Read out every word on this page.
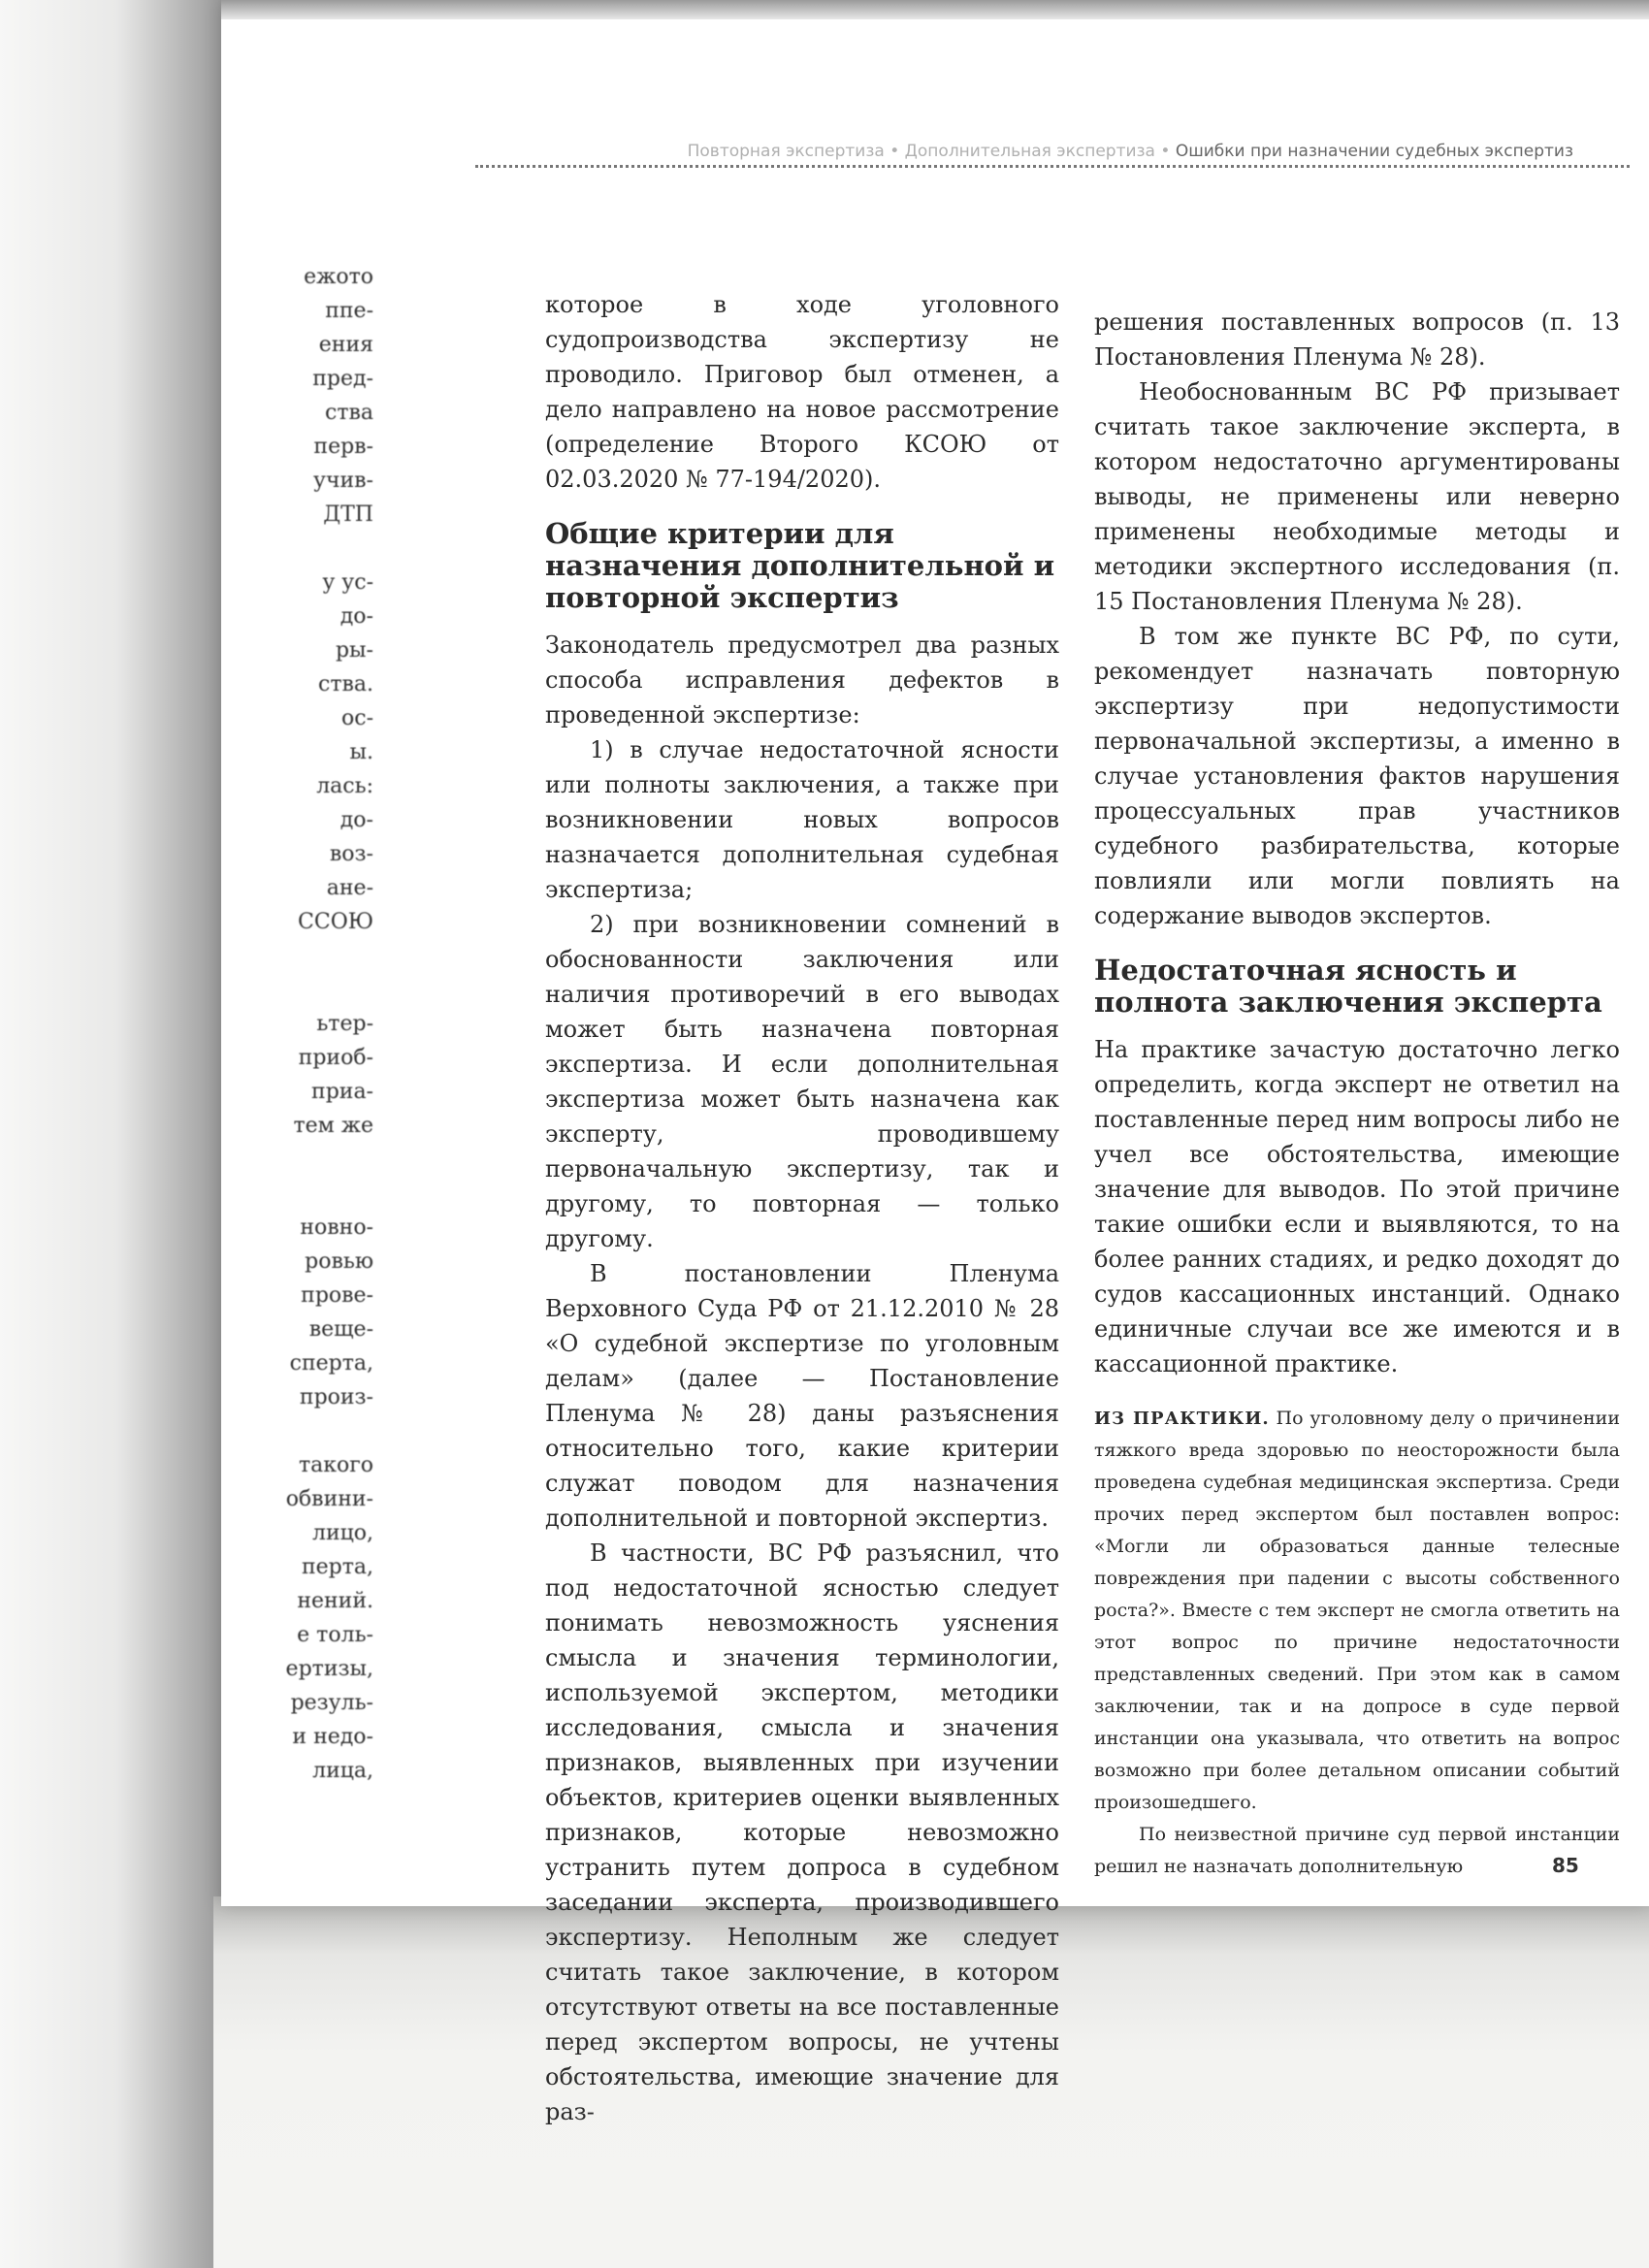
ежото
ппе-
ения
пред-
ства
перв-
учив-
ДТП
у ус-
до-
ры-
ства.
ос-
ы.
лась:
до-
воз-
ане-
ССОЮ
ьтер-
приоб-
приа-
тем же
новно-
ровью
прове-
веще-
сперта,
произ-
такого
обвини-
лицо,
перта,
нений.
е толь-
ертизы,
резуль-
и недо-
лица,
Повторная экспертиза • Дополнительная экспертиза • Ошибки при назначении судебных экспертиз

которое в ходе уголовного судопроизводства экспертизу не проводило. Приговор был отменен, а дело направлено на новое рассмотрение (определение Второго КСОЮ от 02.03.2020 № 77-194/2020).

Общие критерии для назначения дополнительной и повторной экспертиз

Законодатель предусмотрел два разных способа исправления дефектов в проведенной экспертизе:

1) в случае недостаточной ясности или полноты заключения, а также при возникновении новых вопросов назначается дополнительная судебная экспертиза;

2) при возникновении сомнений в обоснованности заключения или наличия противоречий в его выводах может быть назначена повторная экспертиза. И если дополнительная экспертиза может быть назначена как эксперту, проводившему первоначальную экспертизу, так и другому, то повторная — только другому.

В постановлении Пленума Верховного Суда РФ от 21.12.2010 № 28 «О судебной экспертизе по уголовным делам» (далее — Постановление Пленума № 28) даны разъяснения относительно того, какие критерии служат поводом для назначения дополнительной и повторной экспертиз.

В частности, ВС РФ разъяснил, что под недостаточной ясностью следует понимать невозможность уяснения смысла и значения терминологии, используемой экспертом, методики исследования, смысла и значения признаков, выявленных при изучении объектов, критериев оценки выявленных признаков, которые невозможно устранить путем допроса в судебном заседании эксперта, производившего экспертизу. Неполным же следует считать такое заключение, в котором отсутствуют ответы на все поставленные перед экспертом вопросы, не учтены обстоятельства, имеющие значение для раз-

решения поставленных вопросов (п. 13 Постановления Пленума № 28).

Необоснованным ВС РФ призывает считать такое заключение эксперта, в котором недостаточно аргументированы выводы, не применены или неверно применены необходимые методы и методики экспертного исследования (п. 15 Постановления Пленума № 28).

В том же пункте ВС РФ, по сути, рекомендует назначать повторную экспертизу при недопустимости первоначальной экспертизы, а именно в случае установления фактов нарушения процессуальных прав участников судебного разбирательства, которые повлияли или могли повлиять на содержание выводов экспертов.

Недостаточная ясность и полнота заключения эксперта

На практике зачастую достаточно легко определить, когда эксперт не ответил на поставленные перед ним вопросы либо не учел все обстоятельства, имеющие значение для выводов. По этой причине такие ошибки если и выявляются, то на более ранних стадиях, и редко доходят до судов кассационных инстанций. Однако единичные случаи все же имеются и в кассационной практике.

ИЗ ПРАКТИКИ. По уголовному делу о причинении тяжкого вреда здоровью по неосторожности была проведена судебная медицинская экспертиза. Среди прочих перед экспертом был поставлен вопрос: «Могли ли образоваться данные телесные повреждения при падении с высоты собственного роста?». Вместе с тем эксперт не смогла ответить на этот вопрос по причине недостаточности представленных сведений. При этом как в самом заключении, так и на допросе в суде первой инстанции она указывала, что ответить на вопрос возможно при более детальном описании событий произошедшего.

По неизвестной причине суд первой инстанции решил не назначать дополнительную	85
